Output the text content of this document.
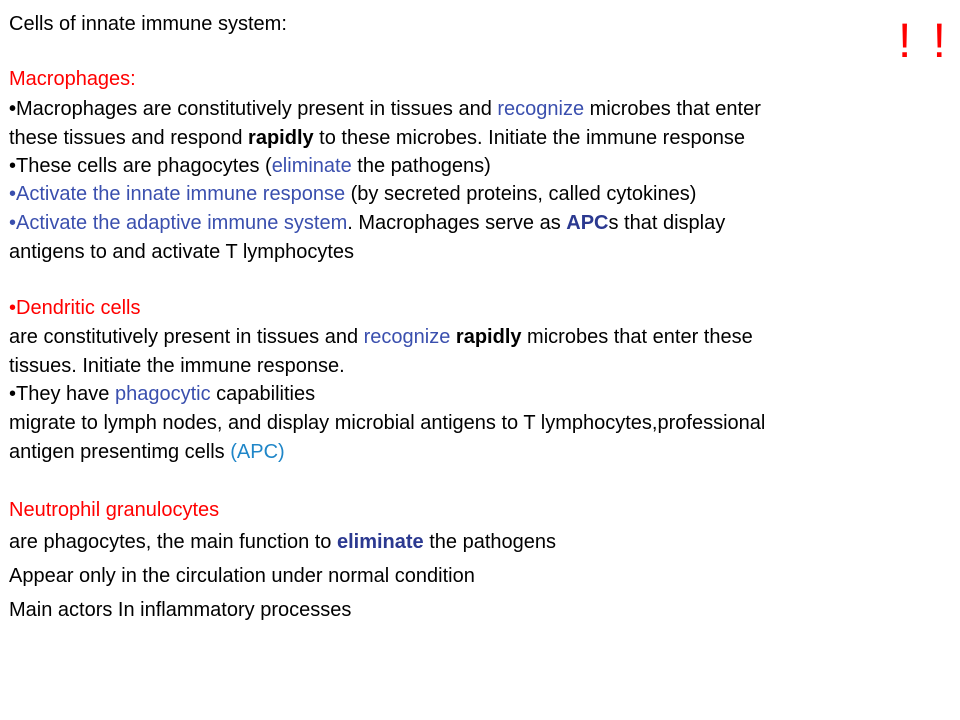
Cells of innate immune system:	! !
Macrophages:
•Macrophages are constitutively present in tissues and recognize microbes that enter
these tissues and respond rapidly to these microbes. Initiate the immune response
•These cells are phagocytes (eliminate the pathogens)
•Activate the innate immune response (by secreted proteins, called cytokines)
•Activate the adaptive immune system. Macrophages serve as APCs that display
antigens to and activate T lymphocytes
•Dendritic cells
are constitutively present in tissues and recognize rapidly microbes that enter these
tissues. Initiate the immune response.
•They have phagocytic capabilities
migrate to lymph nodes, and display microbial antigens to T lymphocytes,professional
antigen presentimg cells (APC)
Neutrophil granulocytes
are phagocytes, the main function to eliminate the pathogens
Appear only in the circulation under normal condition
Main actors In inflammatory processes
